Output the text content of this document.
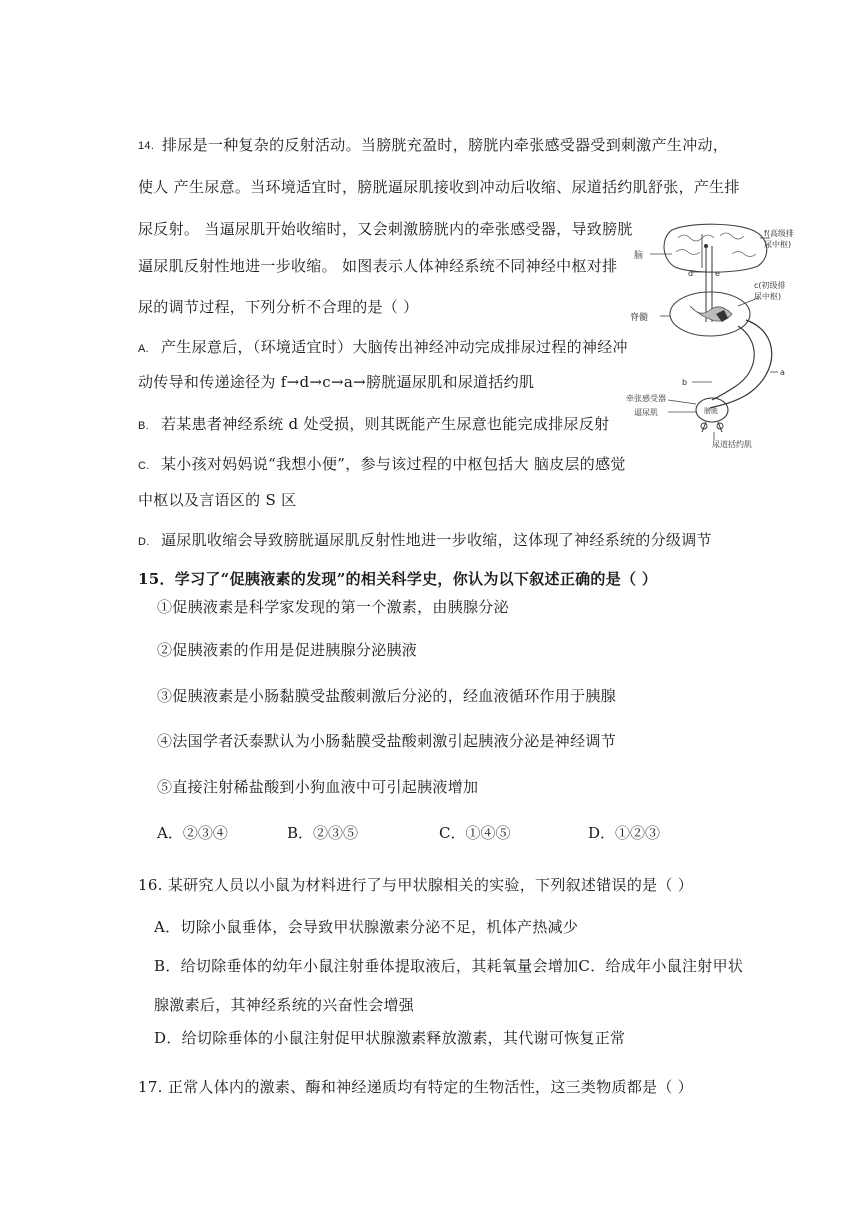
14. 排尿是一种复杂的反射活动。当膀胱充盈时，膀胱内牵张感受器受到刺激产生冲动，
使人 产生尿意。当环境适宜时，膀胱逼尿肌接收到冲动后收缩、尿道括约肌舒张，产生排
尿反射。 当逼尿肌开始收缩时，又会刺激膀胱内的牵张感受器，导致膀胱
逼尿肌反射性地进一步收缩。 如图表示人体神经系统不同神经中枢对排
尿的调节过程，下列分析不合理的是（ ）
A. 产生尿意后，（环境适宜时）大脑传出神经冲动完成排尿过程的神经冲
动传导和传递途径为 f→d→c→a→膀胱逼尿肌和尿道括约肌
B. 若某患者神经系统 d 处受损，则其既能产生尿意也能完成排尿反射
C. 某小孩对妈妈说“我想小便”，参与该过程的中枢包括大 脑皮层的感觉
中枢以及言语区的 S 区
D. 逼尿肌收缩会导致膀胱逼尿肌反射性地进一步收缩，这体现了神经系统的分级调节
脑
f(高级排
尿中枢)
d	e
c(初级排
尿中枢)
脊髓
a
b
牵张感受器
逼尿肌	膀胱
尿道括约肌
15．学习了“促胰液素的发现”的相关科学史，你认为以下叙述正确的是（ ）
①促胰液素是科学家发现的第一个激素，由胰腺分泌
②促胰液素的作用是促进胰腺分泌胰液
③促胰液素是小肠黏膜受盐酸刺激后分泌的，经血液循环作用于胰腺
④法国学者沃泰默认为小肠黏膜受盐酸刺激引起胰液分泌是神经调节
⑤直接注射稀盐酸到小狗血液中可引起胰液增加
A．②③④	B．②③⑤	C．①④⑤	D．①②③
16. 某研究人员以小鼠为材料进行了与甲状腺相关的实验，下列叙述错误的是（ ）
A．切除小鼠垂体，会导致甲状腺激素分泌不足，机体产热减少
B．给切除垂体的幼年小鼠注射垂体提取液后，其耗氧量会增加C．给成年小鼠注射甲状
腺激素后，其神经系统的兴奋性会增强
D．给切除垂体的小鼠注射促甲状腺激素释放激素，其代谢可恢复正常
17. 正常人体内的激素、酶和神经递质均有特定的生物活性，这三类物质都是（ ）
